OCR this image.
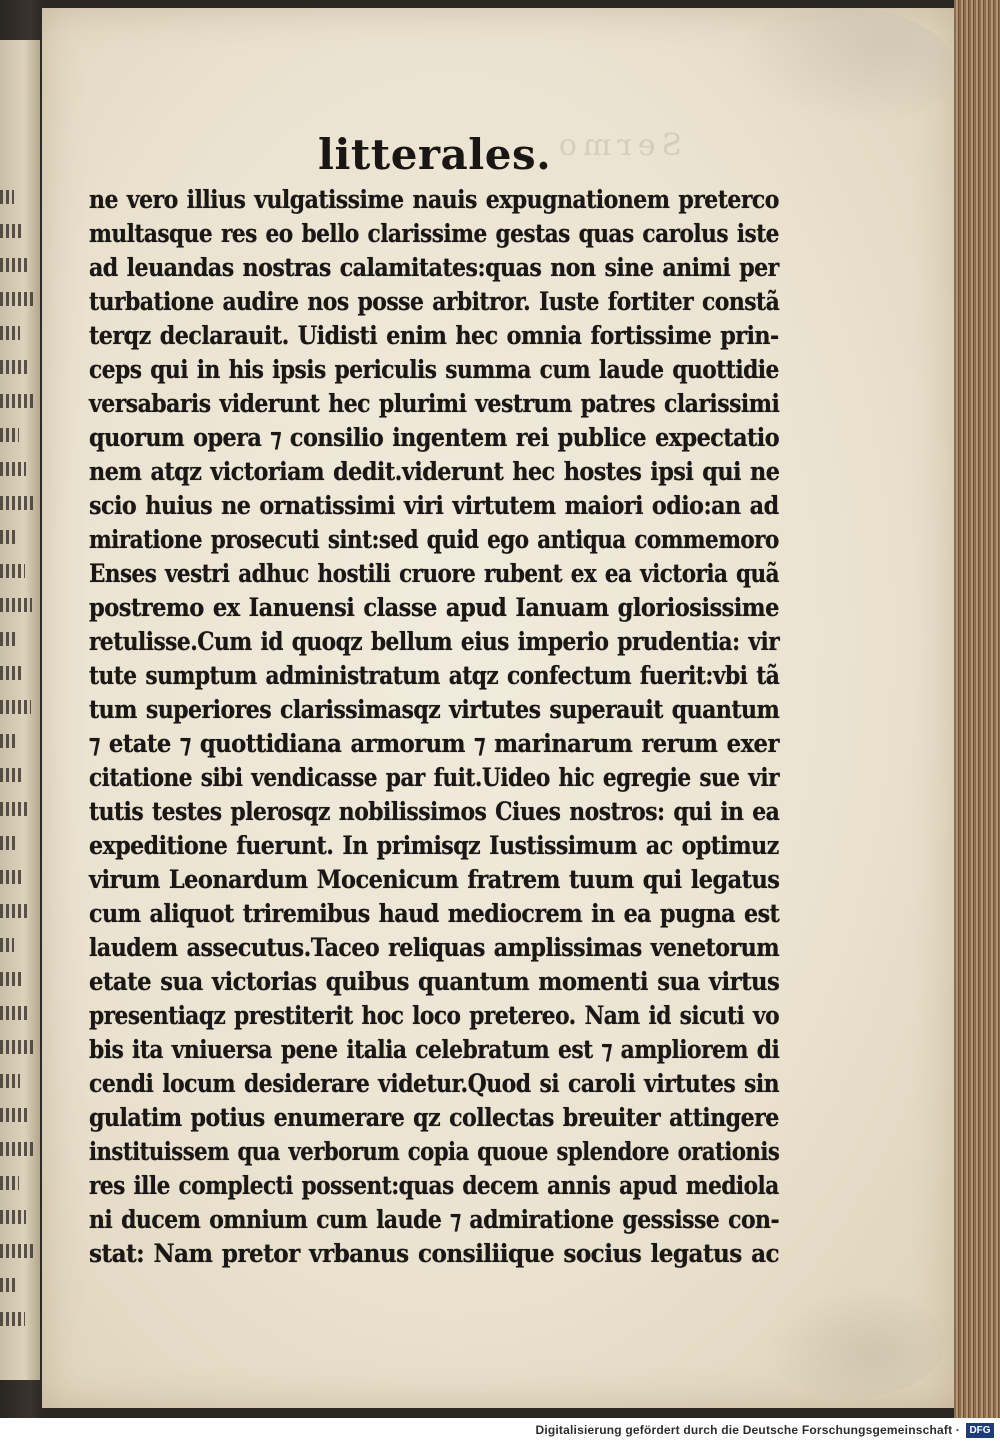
Sermo
litterales.
ne vero illius vulgatissime nauis expugnationem preterco
multasque res eo bello clarissime gestas quas carolus iste
ad leuandas nostras calamitates:quas non sine animi per
turbatione audire nos posse arbitror. Iuste fortiter constã
terqz declarauit. Uidisti enim hec omnia fortissime prin-
ceps qui in his ipsis periculis summa cum laude quottidie
versabaris viderunt hec plurimi vestrum patres clarissimi
quorum opera ⁊ consilio ingentem rei publice expectatio
nem atqz victoriam dedit.viderunt hec hostes ipsi qui ne
scio huius ne ornatissimi viri virtutem maiori odio:an ad
miratione prosecuti sint:sed quid ego antiqua commemoro
Enses vestri adhuc hostili cruore rubent ex ea victoria quã
postremo ex Ianuensi classe apud Ianuam gloriosissime
retulisse.Cum id quoqz bellum eius imperio prudentia: vir
tute sumptum administratum atqz confectum fuerit:vbi tã
tum superiores clarissimasqz virtutes superauit quantum
⁊ etate ⁊ quottidiana armorum ⁊ marinarum rerum exer
citatione sibi vendicasse par fuit.Uideo hic egregie sue vir
tutis testes plerosqz nobilissimos Ciues nostros: qui in ea
expeditione fuerunt. In primisqz Iustissimum ac optimuz
virum Leonardum Mocenicum fratrem tuum qui legatus
cum aliquot triremibus haud mediocrem in ea pugna est
laudem assecutus.Taceo reliquas amplissimas venetorum
etate sua victorias quibus quantum momenti sua virtus
presentiaqz prestiterit hoc loco pretereo. Nam id sicuti vo
bis ita vniuersa pene italia celebratum est ⁊ ampliorem di
cendi locum desiderare videtur.Quod si caroli virtutes sin
gulatim potius enumerare qz collectas breuiter attingere
instituissem qua verborum copia quoue splendore orationis
res ille complecti possent:quas decem annis apud mediola
ni ducem omnium cum laude ⁊ admiratione gessisse con-
stat: Nam pretor vrbanus consiliique socius legatus ac
Digitalisierung gefördert durch die Deutsche Forschungsgemeinschaft · DFG
